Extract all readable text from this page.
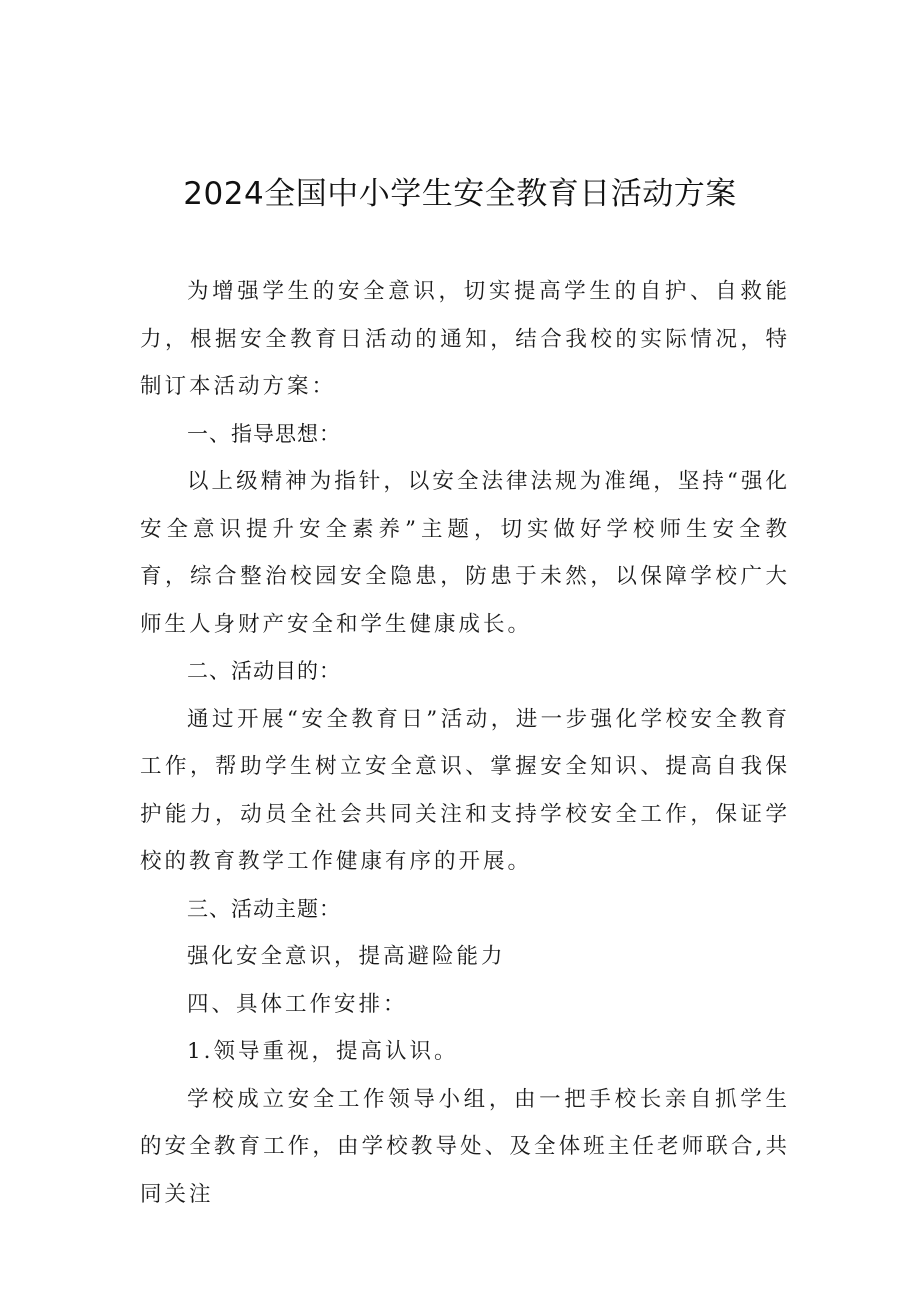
2024全国中小学生安全教育日活动方案

为增强学生的安全意识，切实提高学生的自护、自救能力，根据安全教育日活动的通知，结合我校的实际情况，特制订本活动方案：

一、指导思想：

以上级精神为指针，以安全法律法规为准绳，坚持“强化安全意识提升安全素养”主题，切实做好学校师生安全教育，综合整治校园安全隐患，防患于未然，以保障学校广大师生人身财产安全和学生健康成长。

二、活动目的：

通过开展“安全教育日”活动，进一步强化学校安全教育工作，帮助学生树立安全意识、掌握安全知识、提高自我保护能力，动员全社会共同关注和支持学校安全工作，保证学校的教育教学工作健康有序的开展。

三、活动主题：

强化安全意识，提高避险能力

四、具体工作安排：

1.领导重视，提高认识。

学校成立安全工作领导小组，由一把手校长亲自抓学生的安全教育工作，由学校教导处、及全体班主任老师联合,共同关注
